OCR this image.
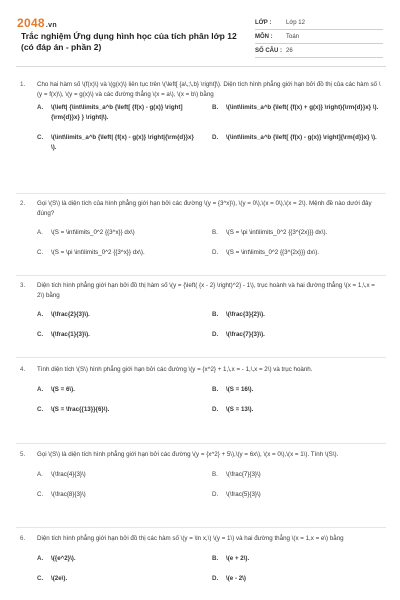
2048.vn
Trắc nghiệm Ứng dụng hình học của tích phân lớp 12 (có đáp án - phần 2)
LỚP :	Lớp 12
MÔN :	Toán
SỐ CÂU : 26
1.	Cho hai hàm số \(f(x)\) và \(g(x)\) liên tục trên \(\left[ {a\,;\,b} \right]\). Diện tích hình phẳng giới hạn bởi đồ thị của các hàm số \(y = f(x)\), \(y = g(x)\) và các đường thẳng \(x = a\), \(x = b\) bằng
A.	\(\left| {\int\limits_a^b {\left[ {f(x) - g(x)} \right]{\rm{d}}x} } \right|\).
B.	\(\int\limits_a^b {\left( {f(x) + g(x)} \right){\rm{d}}x} \).
C.	\(\int\limits_a^b {\left| {f(x) - g(x)} \right|{\rm{d}}x} \).
D.	\(\int\limits_a^b {\left[ {f(x) - g(x)} \right]{\rm{d}}x} \).
2.	Gọi \(S\) là diện tích của hình phẳng giới hạn bởi các đường \(y = {3^x}\), \(y = 0\),\(x = 0\),\(x = 2\). Mệnh đề nào dưới đây đúng?
A.	\(S = \int\limits_0^2 {{3^x}} dx\)	B.	\(S = \pi \int\limits_0^2 {{3^{2x}}} dx\).
C.	\(S = \pi \int\limits_0^2 {{3^x}} dx\).	D.	\(S = \int\limits_0^2 {{3^{2x}}} dx\).
3.	Diện tích hình phẳng giới hạn bởi đồ thị hàm số \(y = {\left( {x - 2} \right)^2} - 1\), trục hoành và hai đường thẳng \(x = 1,\,x = 2\) bằng
A.	\(\frac{2}{3}\).	B.	\(\frac{3}{2}\).
C.	\(\frac{1}{3}\).	D.	\(\frac{7}{3}\).
4.	Tính diện tích \(S\) hình phẳng giới hạn bởi các đường \(y = {x^2} + 1,\,x = - 1,\,x = 2\) và trục hoành.
A.	\(S = 6\).	B.	\(S = 16\).
C.	\(S = \frac{{13}}{6}\).	D.	\(S = 13\).
5.	Gọi \(S\) là diện tích hình phẳng giới hạn bởi các đường \(y = {x^2} + 5\),\(y = 6x\), \(x = 0\),\(x = 1\). Tính \(S\).
A.	\(\frac{4}{3}\)	B.	\(\frac{7}{3}\)
C.	\(\frac{8}{3}\)	D.	\(\frac{5}{3}\)
6.	Diện tích hình phẳng giới hạn bởi đồ thị các hàm số \(y = \ln x,\) \(y = 1\) và hai đường thẳng \(x = 1,x = e\) bằng
A.	\({e^2}\).	B.	\(e + 2\).
C.	\(2e\).	D.	\(e - 2\)
